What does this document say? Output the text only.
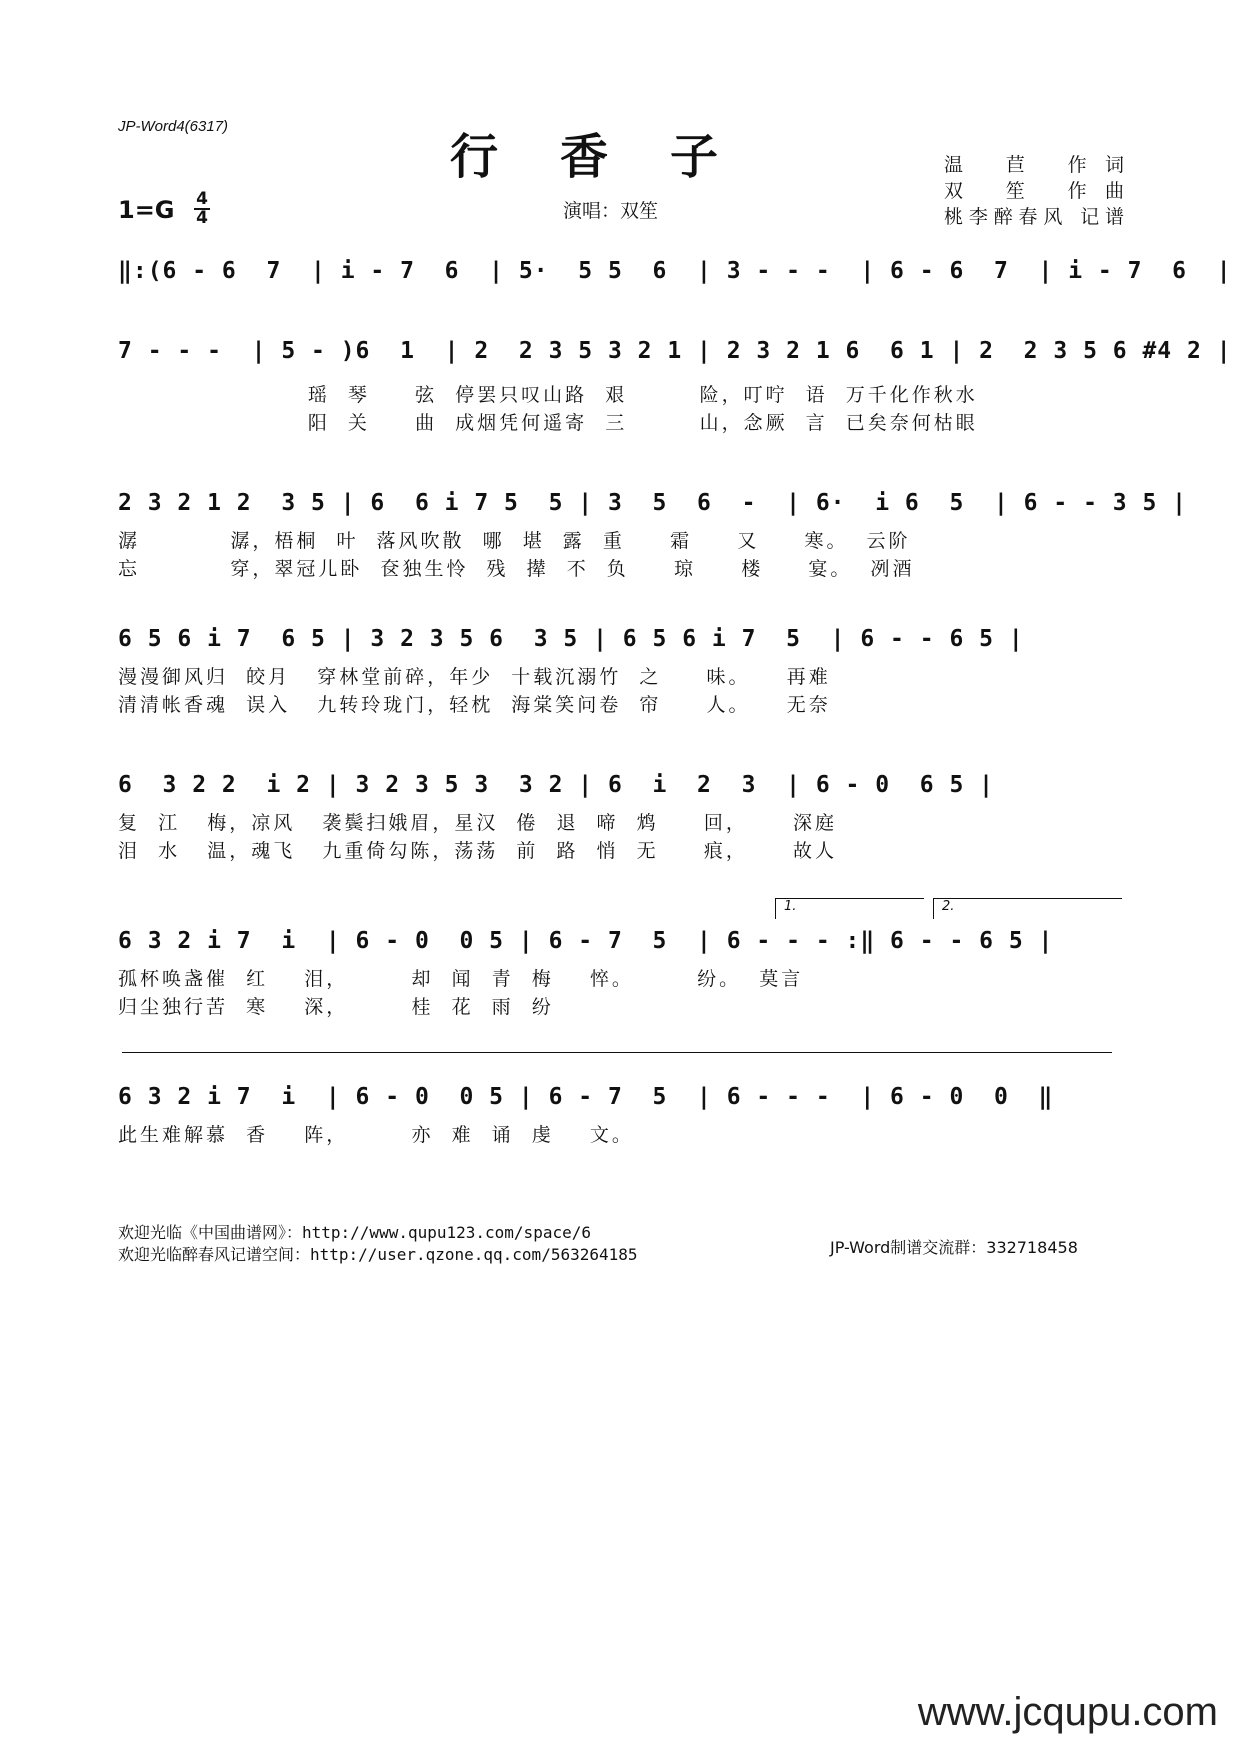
JP-Word4(6317)
行香子	温 苣 作词
双 笙 作曲
桃李醉春风 记谱
1=G 4
4	演唱：双笙
‖:(6 - 6  7  | i - 7  6  | 5·  5 5  6  | 3 - - -  | 6 - 6  7  | i - 7  6  |
7 - - -  | 5 - )6  1  | 2  2 3 5 3 2 1 | 2 3 2 1 6  6 1 | 2  2 3 5 6 #4 2 |
瑶  琴     弦  停罢只叹山路  艰        险，叮咛  语  万千化作秋水
阳  关     曲  成烟凭何遥寄  三        山，念厥  言  已矣奈何枯眼
2 3 2 1 2  3 5 | 6  6 i 7 5  5 | 3  5  6  -  | 6·  i 6  5  | 6 - - 3 5 |
潺          潺，梧桐  叶  落风吹散  哪  堪  露  重     霜     又     寒。  云阶
忘          穿，翠冠儿卧  奁独生怜  残  撵  不  负     琼     楼     宴。  冽酒
6 5 6 i 7  6 5 | 3 2 3 5 6  3 5 | 6 5 6 i 7  5  | 6 - - 6 5 |
漫漫御风归  皎月   穿林堂前碎，年少  十载沉溺竹  之     味。    再难
清清帐香魂  误入   九转玲珑门，轻枕  海棠笑问卷  帘     人。    无奈
6  3 2 2  i 2 | 3 2 3 5 3  3 2 | 6  i  2  3  | 6 - 0  6 5 |
复  江   梅，凉风   袭鬓扫娥眉，星汉  倦  退  啼  鸩     回，     深庭
泪  水   温，魂飞   九重倚勾陈，荡荡  前  路  悄  无     痕，     故人
1.	2.
6 3 2 i 7  i  | 6 - 0  0 5 | 6 - 7  5  | 6 - - - :‖ 6 - - 6 5 |
孤杯唤盏催  红    泪，       却  闻  青  梅    悴。       纷。  莫言
归尘独行苦  寒    深，       桂  花  雨  纷
6 3 2 i 7  i  | 6 - 0  0 5 | 6 - 7  5  | 6 - - -  | 6 - 0  0  ‖
此生难解慕  香    阵，       亦  难  诵  虔    文。
欢迎光临《中国曲谱网》：http://www.qupu123.com/space/6
欢迎光临醉春风记谱空间：http://user.qzone.qq.com/563264185	JP-Word制谱交流群：332718458
www.jcqupu.com
